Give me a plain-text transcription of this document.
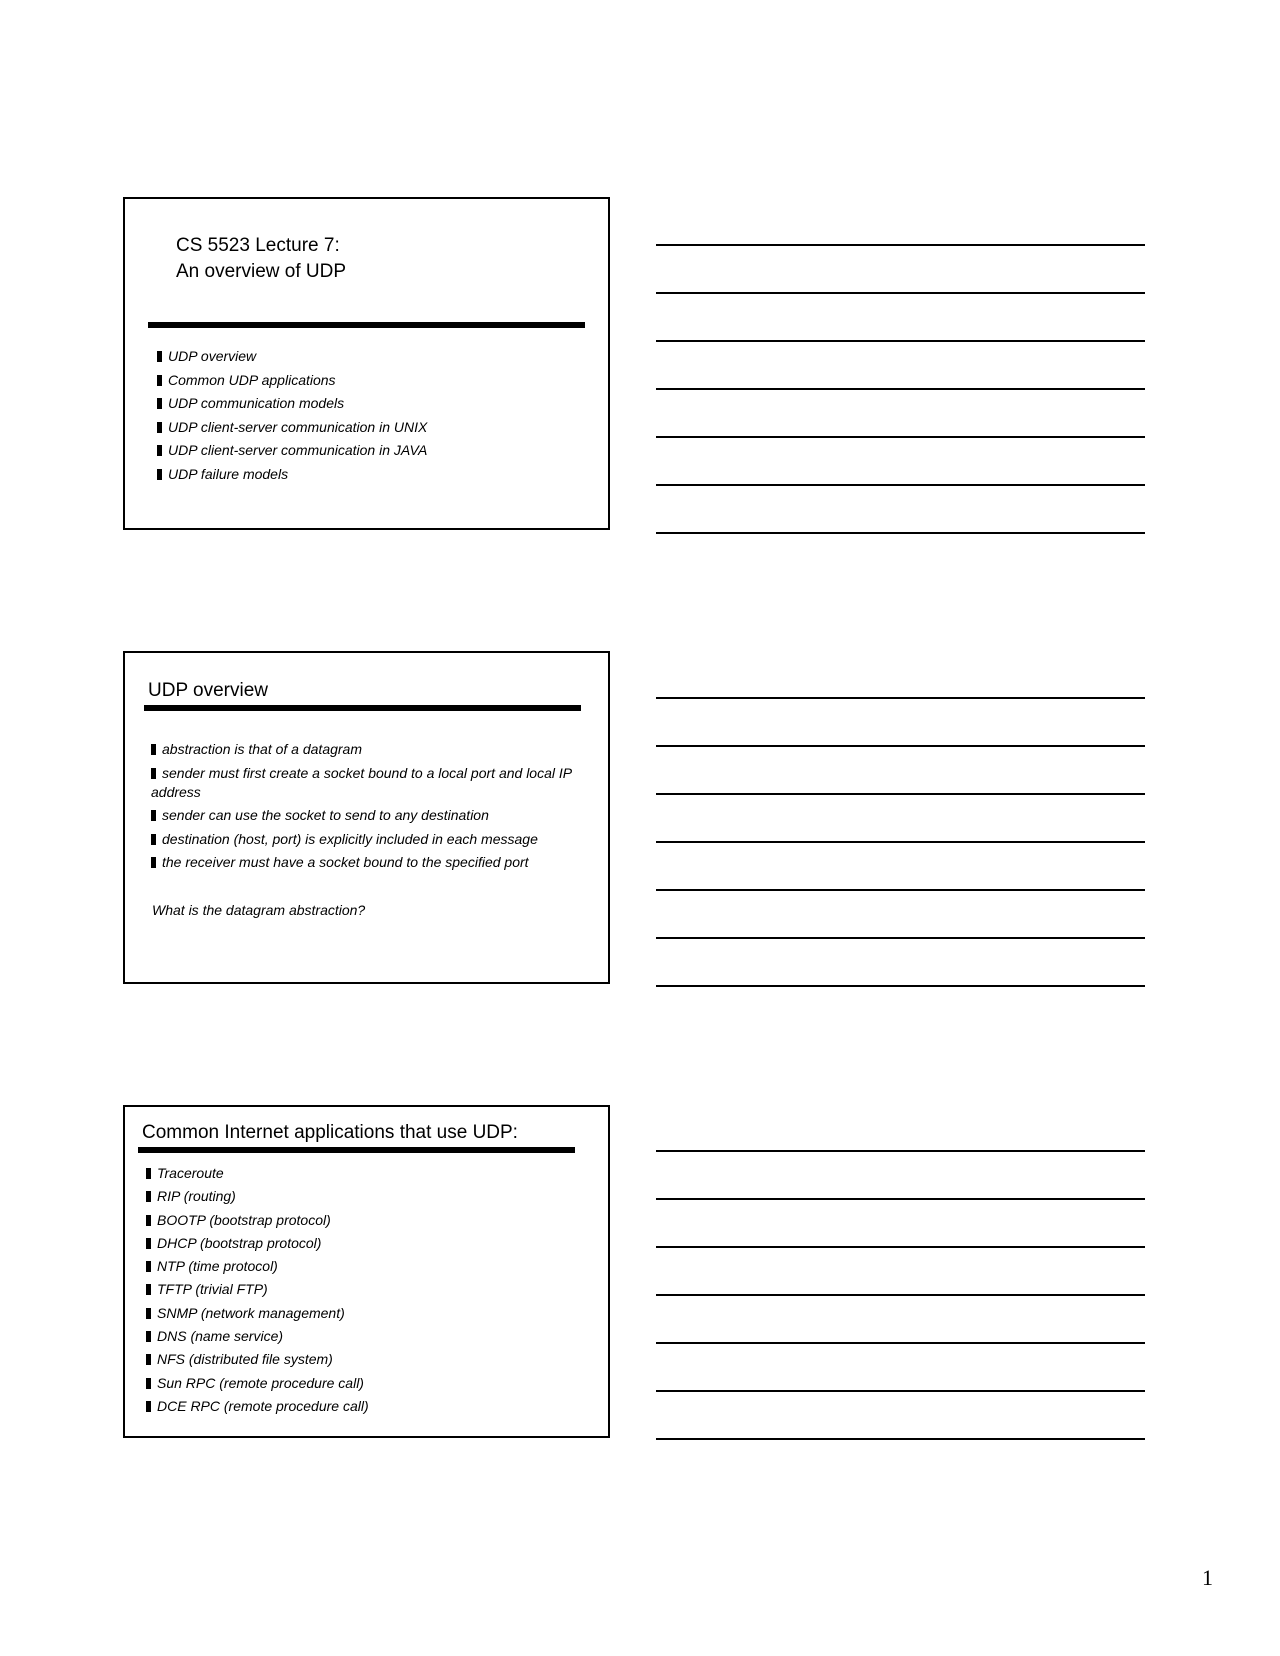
CS 5523 Lecture 7:
An overview of UDP
UDP overview
Common UDP applications
UDP communication models
UDP client-server communication in UNIX
UDP client-server communication in JAVA
UDP failure models
UDP overview
abstraction is that of a datagram
sender must first create a socket bound to a local port and local IP address
sender can use the socket to send to any destination
destination (host, port) is explicitly included in each message
the receiver must have a socket bound to the specified port
What is the datagram abstraction?
Common Internet applications that use UDP:
Traceroute
RIP (routing)
BOOTP (bootstrap protocol)
DHCP (bootstrap protocol)
NTP (time protocol)
TFTP (trivial FTP)
SNMP (network management)
DNS (name service)
NFS (distributed file system)
Sun RPC (remote procedure call)
DCE RPC (remote procedure call)
1
